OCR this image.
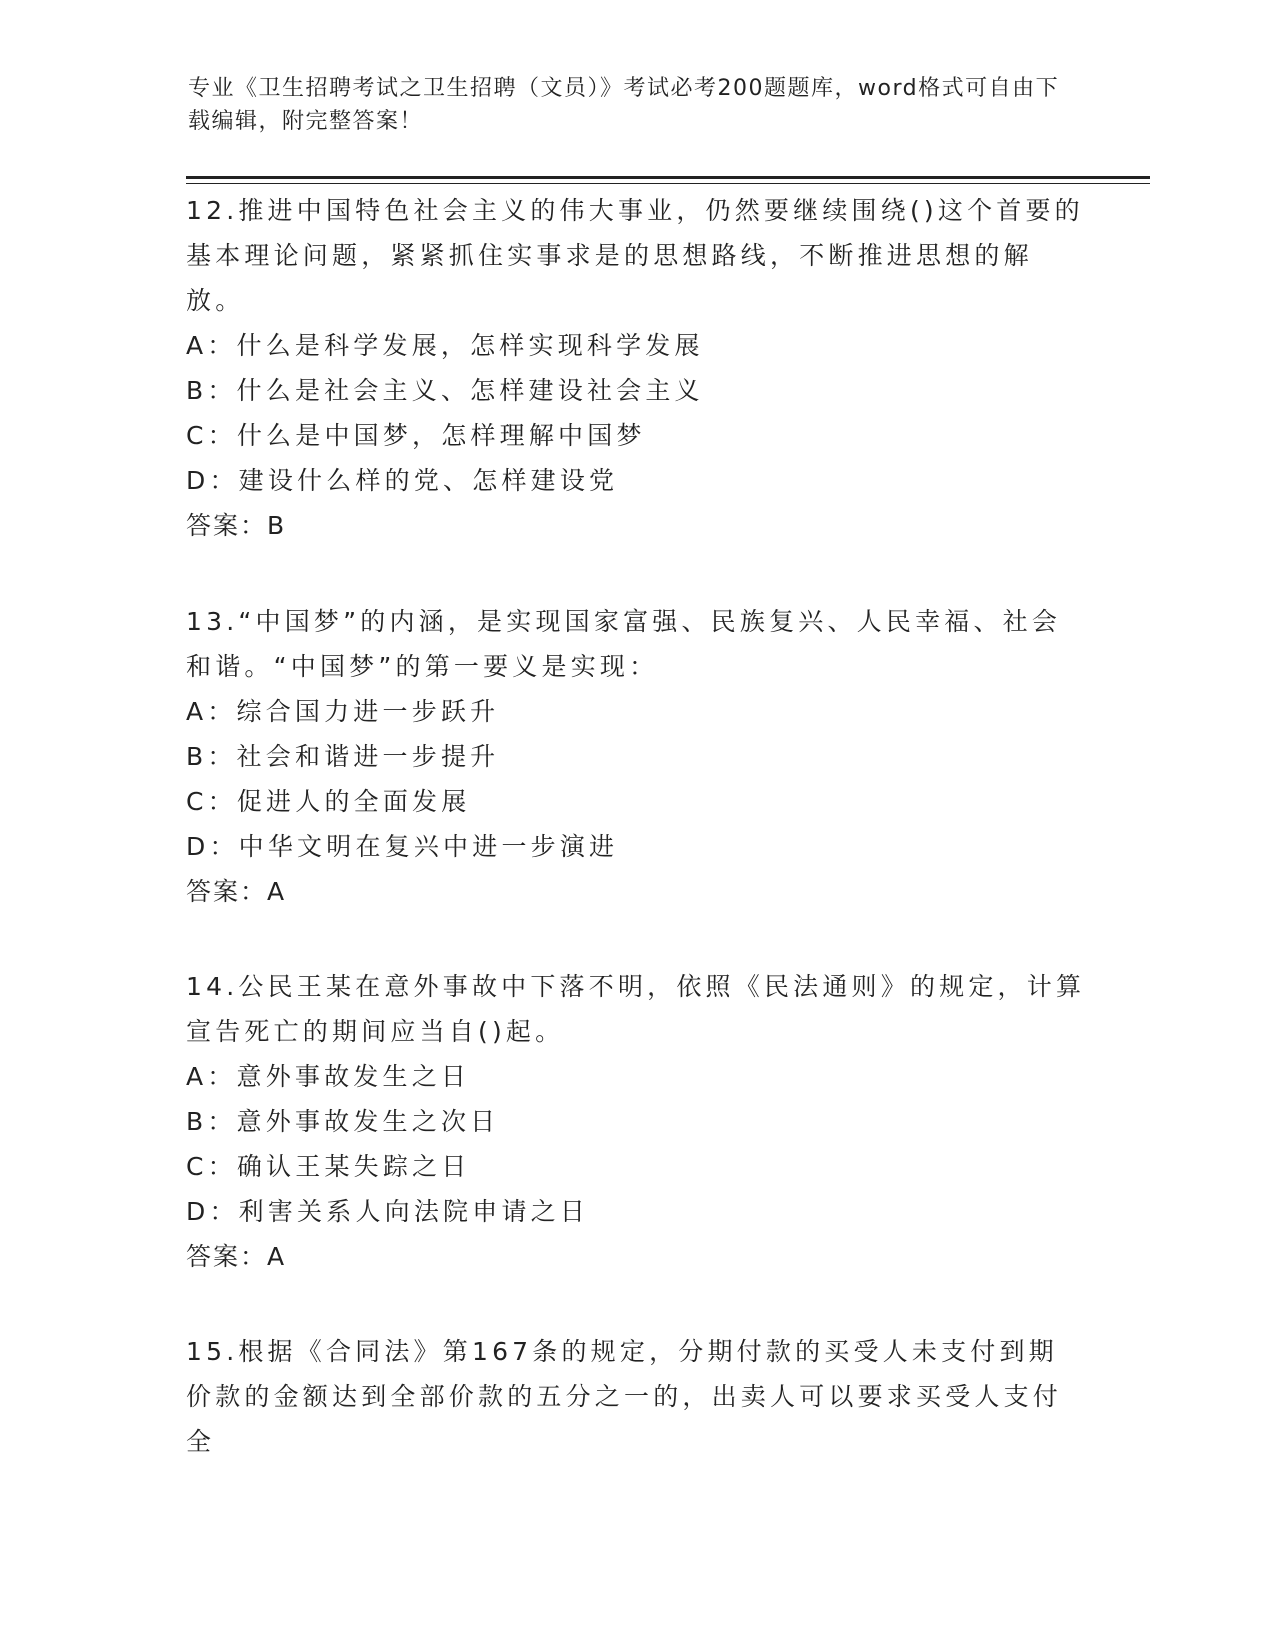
专业《卫生招聘考试之卫生招聘（文员）》考试必考200题题库，word格式可自由下载编辑，附完整答案！

12.推进中国特色社会主义的伟大事业，仍然要继续围绕()这个首要的基本理论问题，紧紧抓住实事求是的思想路线，不断推进思想的解放。

A：什么是科学发展，怎样实现科学发展

B：什么是社会主义、怎样建设社会主义

C：什么是中国梦，怎样理解中国梦

D：建设什么样的党、怎样建设党

答案：B

13.“中国梦”的内涵，是实现国家富强、民族复兴、人民幸福、社会和谐。“中国梦”的第一要义是实现：

A：综合国力进一步跃升

B：社会和谐进一步提升

C：促进人的全面发展

D：中华文明在复兴中进一步演进

答案：A

14.公民王某在意外事故中下落不明，依照《民法通则》的规定，计算宣告死亡的期间应当自()起。

A：意外事故发生之日

B：意外事故发生之次日

C：确认王某失踪之日

D：利害关系人向法院申请之日

答案：A

15.根据《合同法》第167条的规定，分期付款的买受人未支付到期价款的金额达到全部价款的五分之一的，出卖人可以要求买受人支付全
